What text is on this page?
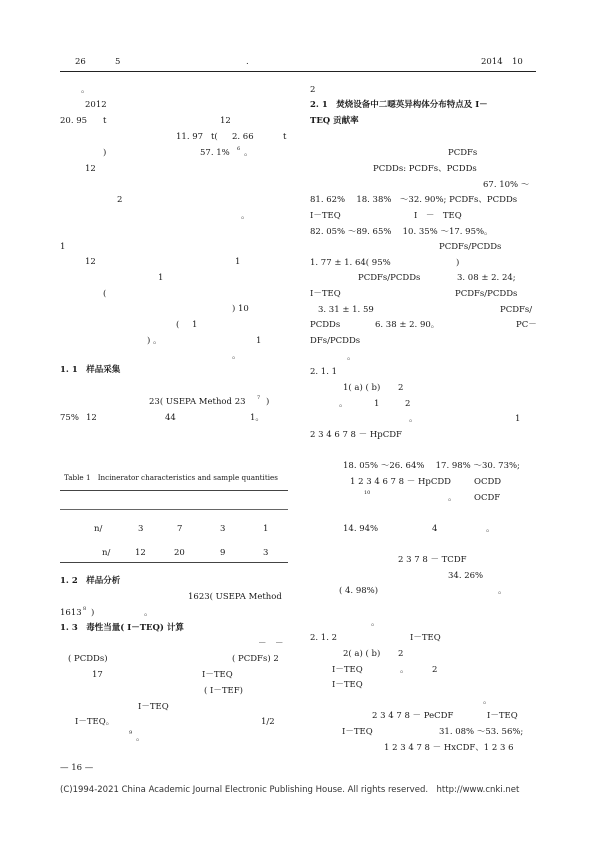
26	5	.	2014 10
。
2012
20. 95 t	12
11. 97 t( 2. 66	t
)	57. 1% 6 。
12
2
。
1
12	1
1
(
) 10
( 1
) 。	1
。
1. 1　样品采集
23( USEPA Method 23 7 )
75% 12	44	1。
Table 1　Incinerator characteristics and sample quantities
n/	3	7	3	1
n/	12	20	9	3
1. 2　样品分析
1623( USEPA Method
1613 8 )	。
1. 3　毒性当量( I－TEQ) 计算
－　－
( PCDDs)	( PCDFs) 2
17	I－TEQ
( I－TEF)
I－TEQ
I－TEQ。	1/2
9 。
2
2. 1　焚烧设备中二噁英异构体分布特点及 I－
TEQ 贡献率
PCDFs
PCDDs: PCDFs、PCDDs
67. 10% ～
81. 62%　 18. 38%　～32. 90%; PCDFs、PCDDs
I－TEQ	I　－　TEQ
82. 05% ～89. 65%　 10. 35% ～17. 95%。
PCDFs/PCDDs
1. 77 ± 1. 64( 95%	)
PCDFs/PCDDs	3. 08 ± 2. 24;
I－TEQ	PCDFs/PCDDs
3. 31 ± 1. 59	PCDFs/
PCDDs	6. 38 ± 2. 90。	PC－
DFs/PCDDs
。
2. 1. 1
1( a) ( b) 2
。	1	2
。	1
2 3 4 6 7 8 － HpCDF
18. 05% ～26. 64%　 17. 98% ～30. 73%;
1 2 3 4 6 7 8 － HpCDD	OCDD
10	。 OCDF
14. 94%	4	。
2 3 7 8 － TCDF
34. 26%
( 4. 98%)	。
。
2. 1. 2	I－TEQ
2( a) ( b) 2
I－TEQ	。	2
I－TEQ
。
2 3 4 7 8 － PeCDF	I－TEQ
I－TEQ	31. 08% ～53. 56%;
1 2 3 4 7 8 － HxCDF、1 2 3 6
— 16 —
(C)1994-2021 China Academic Journal Electronic Publishing House. All rights reserved.　http://www.cnki.net
